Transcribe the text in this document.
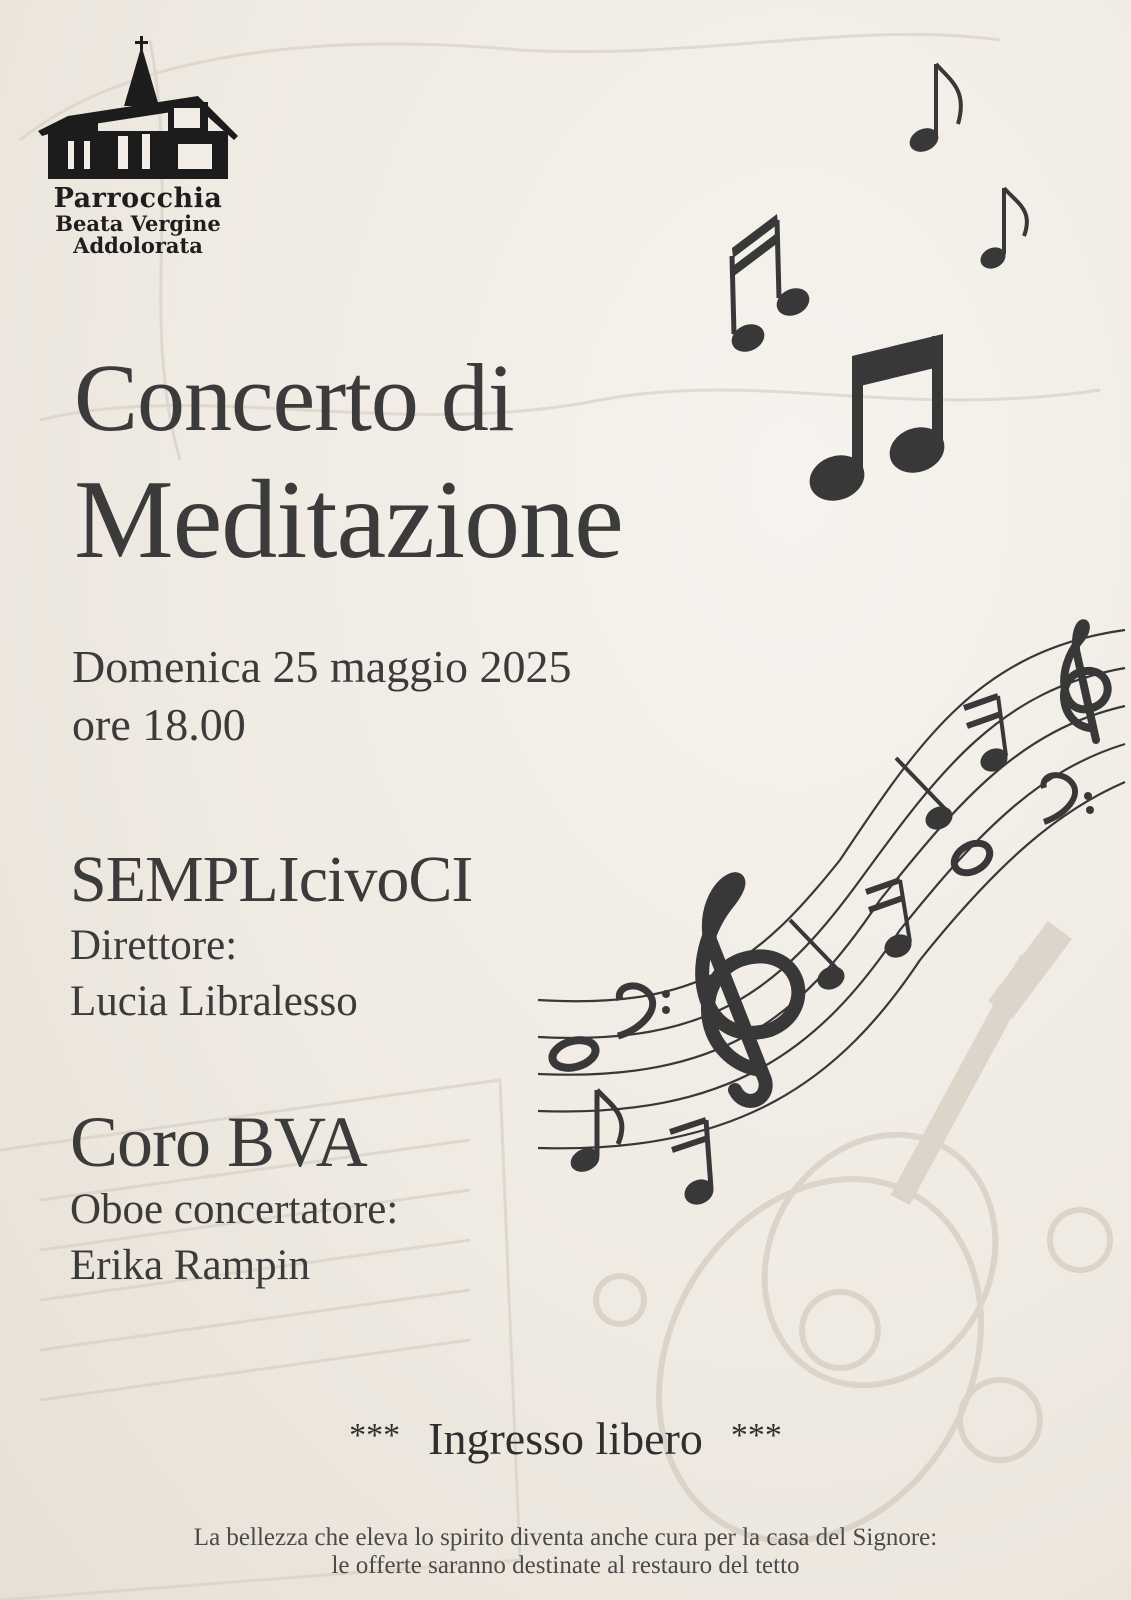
Parrocchia
Beata Vergine
Addolorata
Concerto di
Meditazione
Domenica 25 maggio 2025
ore 18.00
SEMPLIcivoCI
Direttore:
Lucia Libralesso
Coro BVA
Oboe concertatore:
Erika Rampin
*** Ingresso libero ***
La bellezza che eleva lo spirito diventa anche cura per la casa del Signore:
le offerte saranno destinate al restauro del tetto
